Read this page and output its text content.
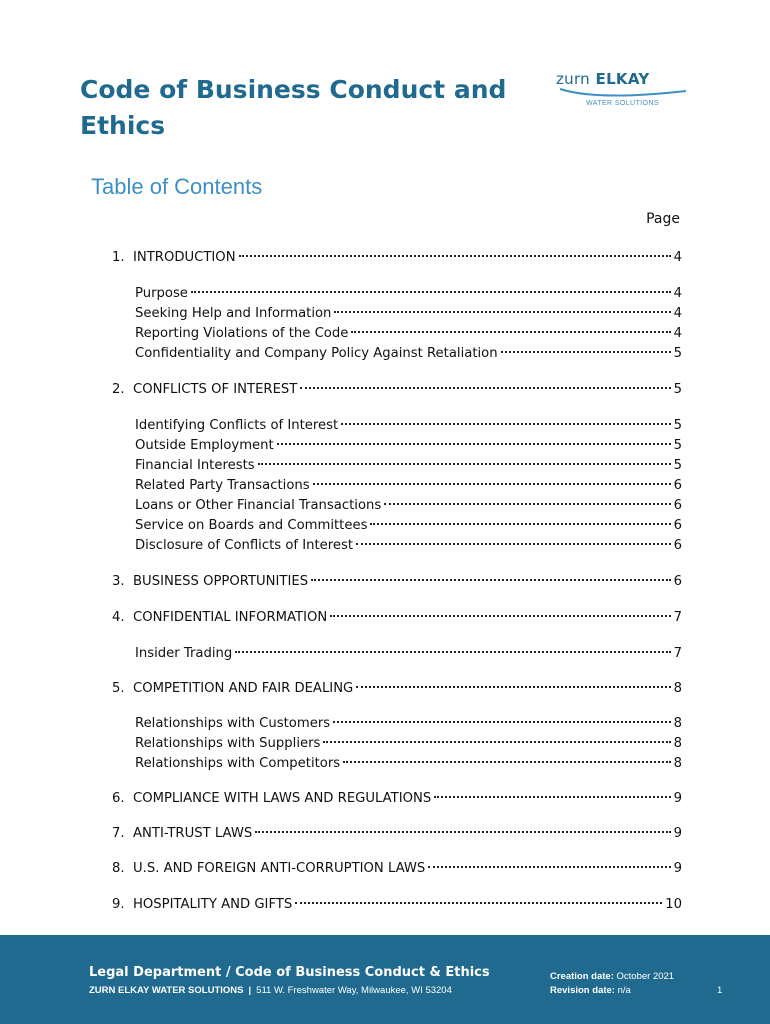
Code of Business Conduct and
Ethics
zurn ELKAY
WATER SOLUTIONS
Table of Contents
Page
1. INTRODUCTION	4
Purpose	4
Seeking Help and Information	4
Reporting Violations of the Code	4
Confidentiality and Company Policy Against Retaliation	5
2. CONFLICTS OF INTEREST	5
Identifying Conflicts of Interest	5
Outside Employment	5
Financial Interests	5
Related Party Transactions	6
Loans or Other Financial Transactions	6
Service on Boards and Committees	6
Disclosure of Conflicts of Interest	6
3. BUSINESS OPPORTUNITIES	6
4. CONFIDENTIAL INFORMATION	7
Insider Trading	7
5. COMPETITION AND FAIR DEALING	8
Relationships with Customers	8
Relationships with Suppliers	8
Relationships with Competitors	8
6. COMPLIANCE WITH LAWS AND REGULATIONS	9
7. ANTI-TRUST LAWS	9
8. U.S. AND FOREIGN ANTI-CORRUPTION LAWS	9
9. HOSPITALITY AND GIFTS	10
Legal Department / Code of Business Conduct & Ethics
ZURN ELKAY WATER SOLUTIONS | 511 W. Freshwater Way, Milwaukee, WI 53204
Creation date: October 2021
Revision date: n/a	1
